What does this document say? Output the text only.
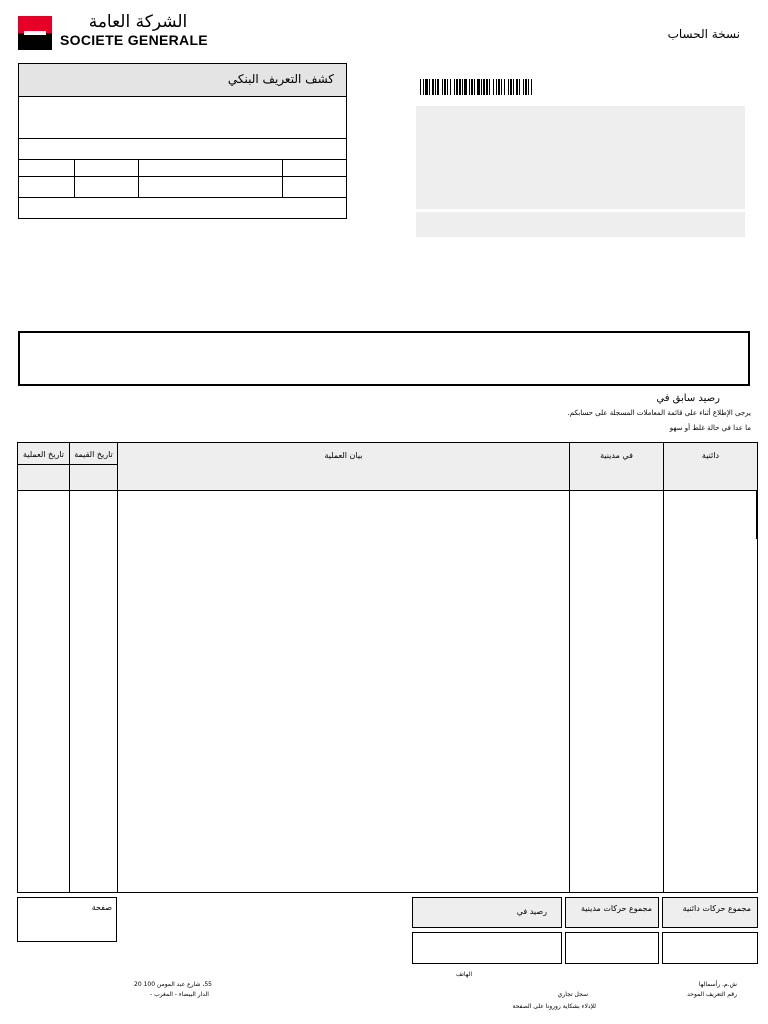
الشركة العامة
SOCIETE GENERALE	نسخة الحساب
كشف التعريف البنكي
رصيد سابق في
يرجى الإطلاع أثناء على قائمة المعاملات المسجلة على حسابكم.
ما عدا في حالة غلط أو سهو
تاريخ العملية	تاريخ القيمة	بيان العملية	في مدينية	دائنية
صفحة	رصيد في	مجموع حركات مدينية	مجموع حركات دائنية
ش.م. رأسمالها
رقم التعريف الموحد
الهاتف
سجل تجاري
للإدلاء بشكاية زورونا على الصفحة
55، شارع عبد المومن 100 20
الدار البيضاء - المغرب -
